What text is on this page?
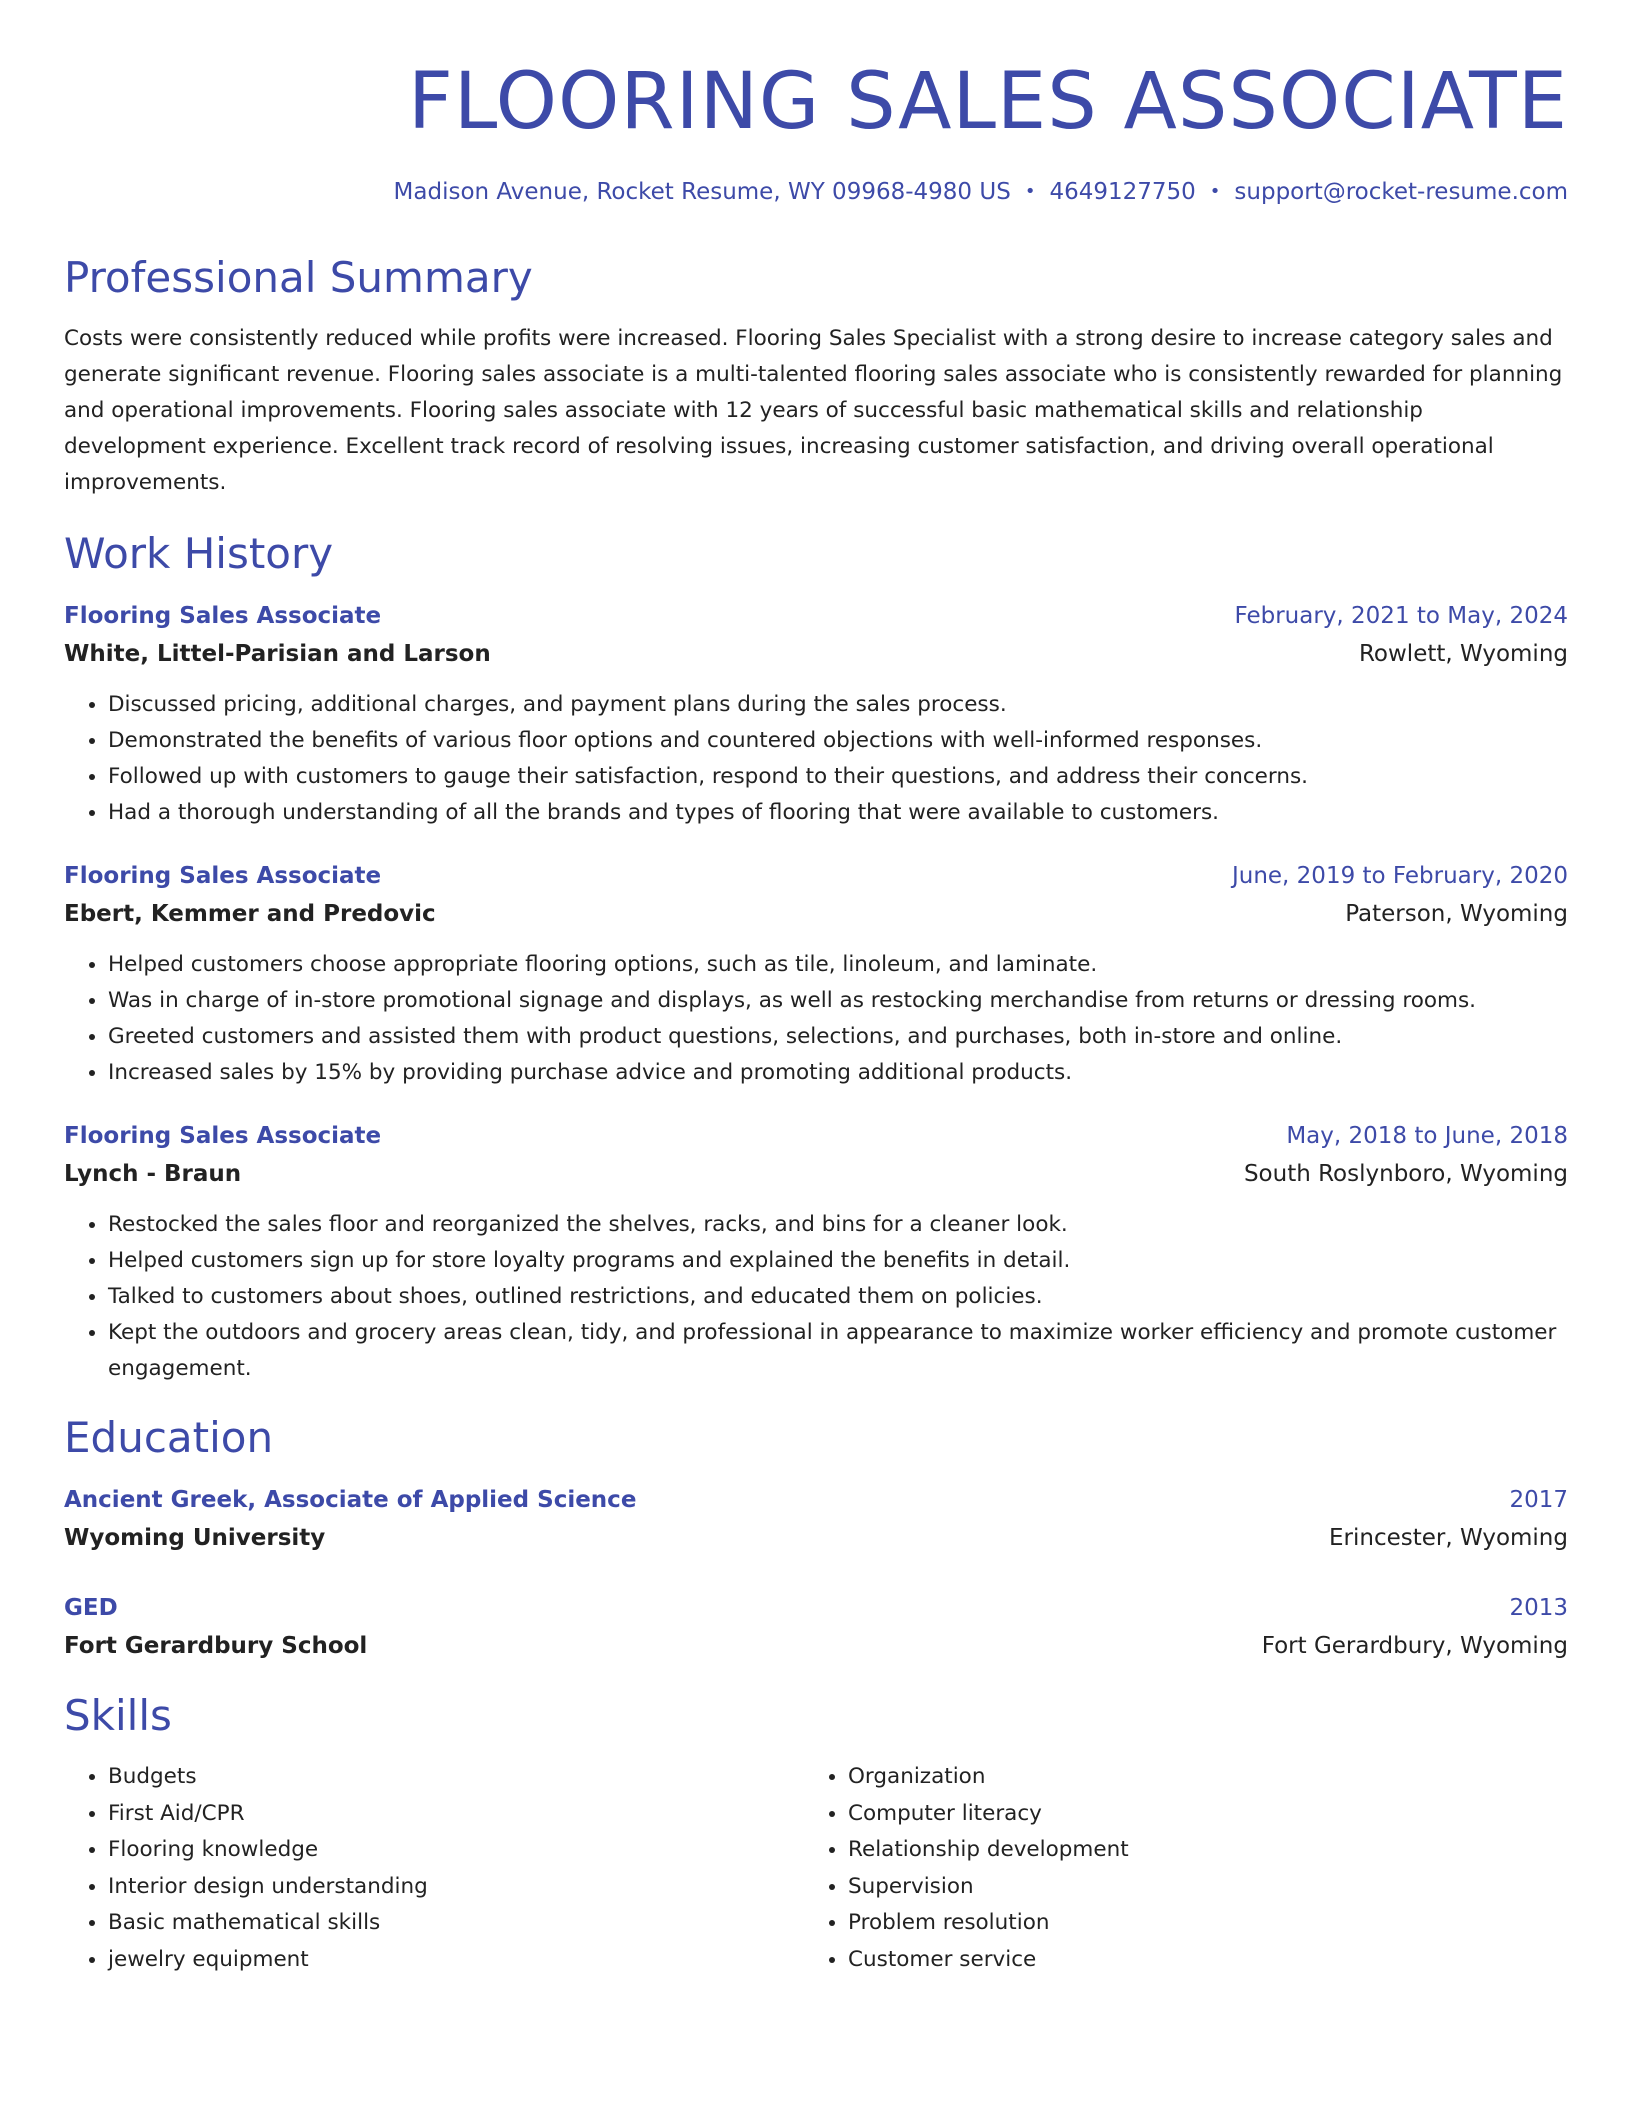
FLOORING SALES ASSOCIATE
Madison Avenue, Rocket Resume, WY 09968-4980 US • 4649127750 • support@rocket-resume.com
Professional Summary

Costs were consistently reduced while profits were increased. Flooring Sales Specialist with a strong desire to increase category sales and generate significant revenue. Flooring sales associate is a multi-talented flooring sales associate who is consistently rewarded for planning and operational improvements. Flooring sales associate with 12 years of successful basic mathematical skills and relationship development experience. Excellent track record of resolving issues, increasing customer satisfaction, and driving overall operational improvements.

Work History
Flooring Sales Associate	February, 2021 to May, 2024
White, Littel-Parisian and Larson	Rowlett, Wyoming
• Discussed pricing, additional charges, and payment plans during the sales process.
• Demonstrated the benefits of various floor options and countered objections with well-informed responses.
• Followed up with customers to gauge their satisfaction, respond to their questions, and address their concerns.
• Had a thorough understanding of all the brands and types of flooring that were available to customers.
Flooring Sales Associate	June, 2019 to February, 2020
Ebert, Kemmer and Predovic	Paterson, Wyoming
• Helped customers choose appropriate flooring options, such as tile, linoleum, and laminate.
• Was in charge of in-store promotional signage and displays, as well as restocking merchandise from returns or dressing rooms.
• Greeted customers and assisted them with product questions, selections, and purchases, both in-store and online.
• Increased sales by 15% by providing purchase advice and promoting additional products.
Flooring Sales Associate	May, 2018 to June, 2018
Lynch - Braun	South Roslynboro, Wyoming
• Restocked the sales floor and reorganized the shelves, racks, and bins for a cleaner look.
• Helped customers sign up for store loyalty programs and explained the benefits in detail.
• Talked to customers about shoes, outlined restrictions, and educated them on policies.
• Kept the outdoors and grocery areas clean, tidy, and professional in appearance to maximize worker efficiency and promote customer engagement.
Education
Ancient Greek, Associate of Applied Science	2017
Wyoming University	Erincester, Wyoming
GED	2013
Fort Gerardbury School	Fort Gerardbury, Wyoming
Skills
• Budgets
• First Aid/CPR
• Flooring knowledge
• Interior design understanding
• Basic mathematical skills
• jewelry equipment
• Organization
• Computer literacy
• Relationship development
• Supervision
• Problem resolution
• Customer service
